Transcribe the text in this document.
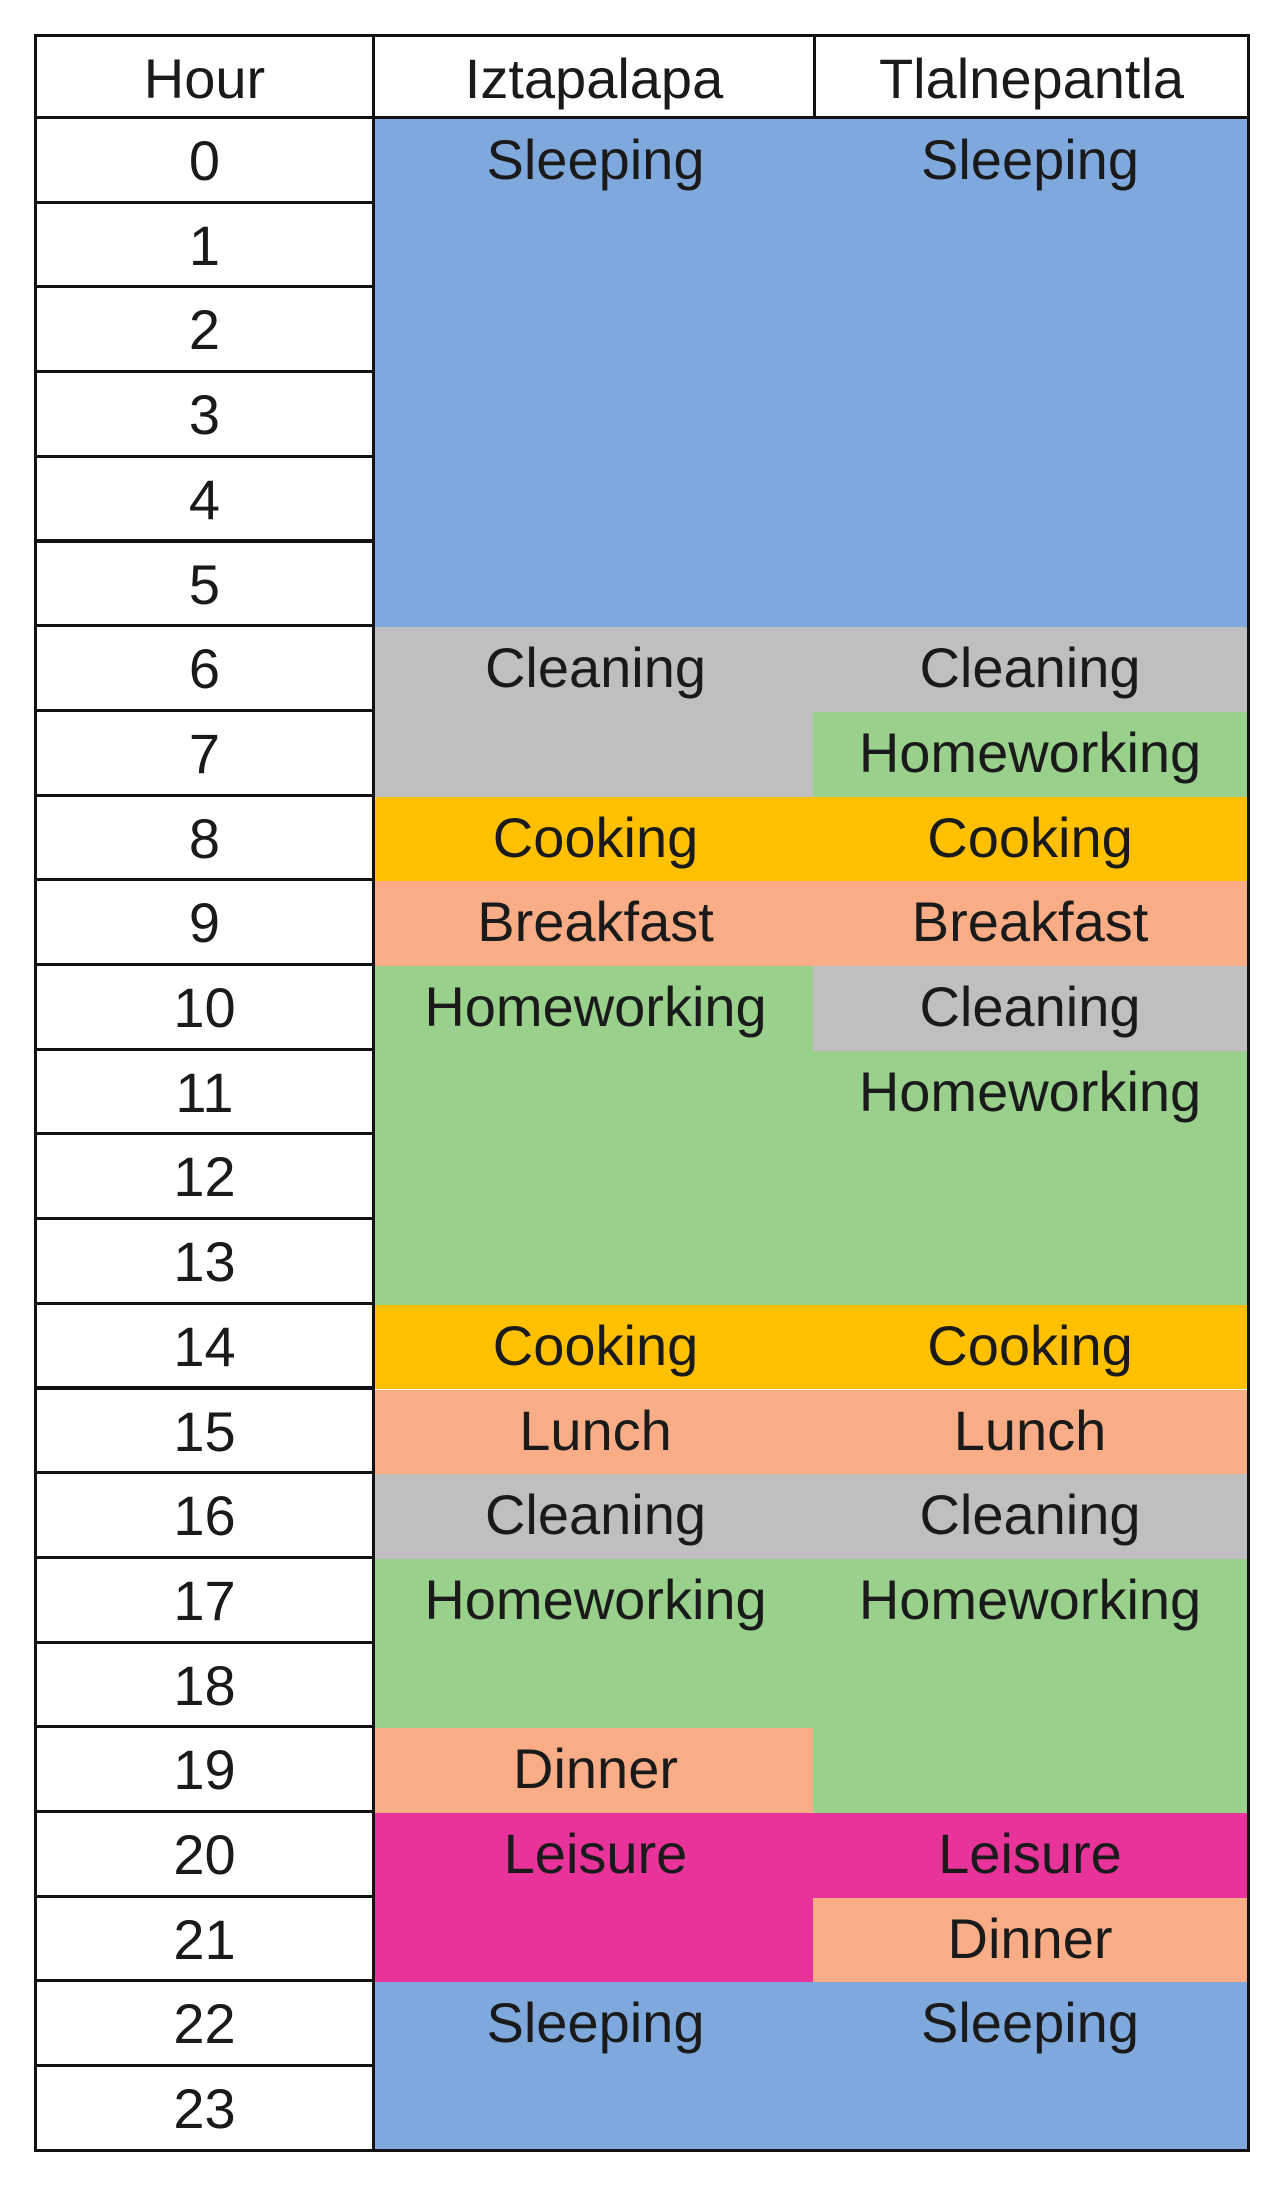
Hour	Iztapalapa	Tlalnepantla
0
1
2
3
4
5
6
7
8
9
10
11
12
13
14
15
16
17
18
19
20
21
22
23
Sleeping
Cleaning
Cooking
Breakfast
Homeworking
Cooking
Lunch
Cleaning
Homeworking
Dinner
Leisure
Sleeping
Sleeping
Cleaning
Homeworking
Cooking
Breakfast
Cleaning
Homeworking
Cooking
Lunch
Cleaning
Homeworking
Leisure
Dinner
Sleeping
